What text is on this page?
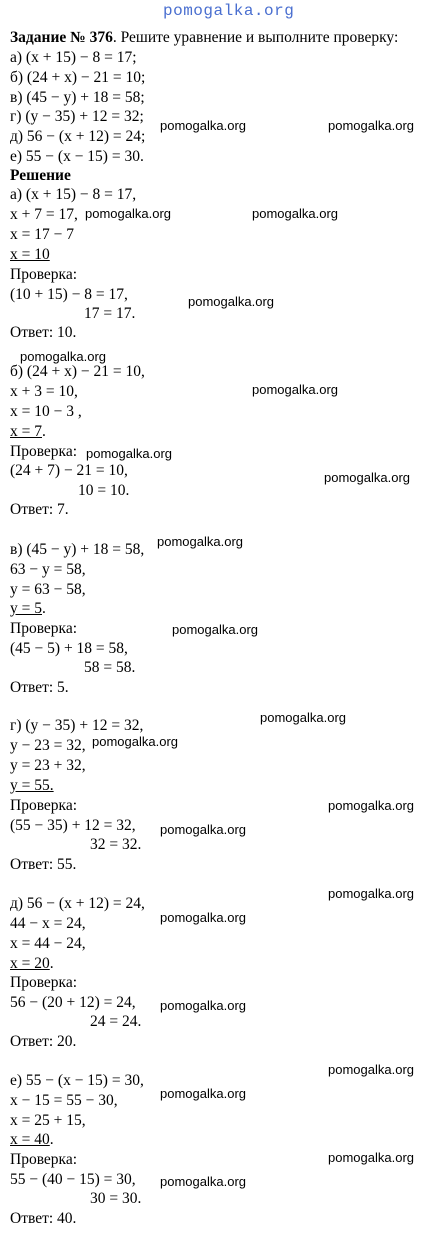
pomogalka.org
Задание № 376. Решите уравнение и выполните проверку:
а) (x + 15) − 8 = 17;
б) (24 + x) − 21 = 10;
в) (45 − y) + 18 = 58;
г) (y − 35) + 12 = 32;
д) 56 − (x + 12) = 24;
е) 55 − (x − 15) = 30.
Решение
а) (x + 15) − 8 = 17,
x + 7 = 17,
x = 17 − 7
x = 10
Проверка:
(10 + 15) − 8 = 17,
17 = 17.
Ответ: 10.
б) (24 + x) − 21 = 10,
x + 3 = 10,
x = 10 − 3 ,
x = 7.
Проверка:
(24 + 7) − 21 = 10,
10 = 10.
Ответ: 7.
в) (45 − y) + 18 = 58,
63 − y = 58,
y = 63 − 58,
y = 5.
Проверка:
(45 − 5) + 18 = 58,
58 = 58.
Ответ: 5.
г) (y − 35) + 12 = 32,
y − 23 = 32,
y = 23 + 32,
y = 55.
Проверка:
(55 − 35) + 12 = 32,
32 = 32.
Ответ: 55.
д) 56 − (x + 12) = 24,
44 − x = 24,
x = 44 − 24,
x = 20.
Проверка:
56 − (20 + 12) = 24,
24 = 24.
Ответ: 20.
е) 55 − (x − 15) = 30,
x − 15 = 55 − 30,
x = 25 + 15,
x = 40.
Проверка:
55 − (40 − 15) = 30,
30 = 30.
Ответ: 40.
pomogalka.org	pomogalka.org
pomogalka.org	pomogalka.org
pomogalka.org
pomogalka.org
pomogalka.org
pomogalka.org
pomogalka.org
pomogalka.org
pomogalka.org
pomogalka.org
pomogalka.org
pomogalka.org
pomogalka.org
pomogalka.org
pomogalka.org
pomogalka.org
pomogalka.org
pomogalka.org
pomogalka.org
pomogalka.org
